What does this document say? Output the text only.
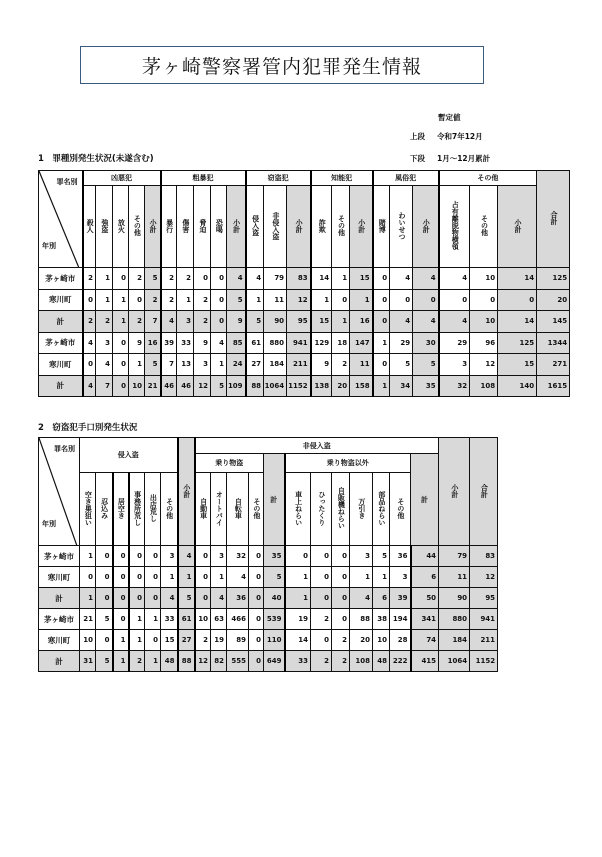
茅ヶ崎警察署管内犯罪発生情報
暫定値
上段 令和7年12月
下段 1月～12月累計
1　罪種別発生状況(未遂含む)
罪名別
年別	凶悪犯					粗暴犯					窃盗犯			知能犯			風俗犯			その他			合計
	殺人	強盗	放火	その他	小計	暴行	傷害	脅迫	恐喝	小計	侵入盗	非侵入盗	小計	詐欺	その他	小計	賭博	わいせつ	小計	占有離脱物横領	その他	小計	
茅ヶ崎市	2	1	0	2	5	2	2	0	0	4	4	79	83	14	1	15	0	4	4	4	10	14	125
寒川町	0	1	1	0	2	2	1	2	0	5	1	11	12	1	0	1	0	0	0	0	0	0	20
計	2	2	1	2	7	4	3	2	0	9	5	90	95	15	1	16	0	4	4	4	10	14	145
茅ヶ崎市	4	3	0	9	16	39	33	9	4	85	61	880	941	129	18	147	1	29	30	29	96	125	1344
寒川町	0	4	0	1	5	7	13	3	1	24	27	184	211	9	2	11	0	5	5	3	12	15	271
計	4	7	0	10	21	46	46	12	5	109	88	1064	1152	138	20	158	1	34	35	32	108	140	1615
2　窃盗犯手口別発生状況
罪名別
年別	侵入盗						小計	非侵入盗												小計	合計
								乗り物盗				計	乗り物盗以外						計		
	空き巣狙い	忍込み	居空き	事務所荒し	出店荒し	その他		自動車	オートバイ	自転車	その他		車上ねらい	ひったくり	自販機ねらい	万引き	部品ねらい	その他			
茅ヶ崎市	1	0	0	0	0	3	4	0	3	32	0	35	0	0	0	3	5	36	44	79	83
寒川町	0	0	0	0	0	1	1	0	1	4	0	5	1	0	0	1	1	3	6	11	12
計	1	0	0	0	0	4	5	0	4	36	0	40	1	0	0	4	6	39	50	90	95
茅ヶ崎市	21	5	0	1	1	33	61	10	63	466	0	539	19	2	0	88	38	194	341	880	941
寒川町	10	0	1	1	0	15	27	2	19	89	0	110	14	0	2	20	10	28	74	184	211
計	31	5	1	2	1	48	88	12	82	555	0	649	33	2	2	108	48	222	415	1064	1152
